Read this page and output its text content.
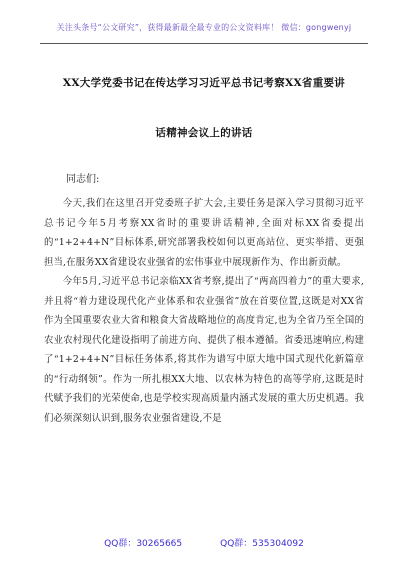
关注头条号“公文研究”，获得最新最全最专业的公文资料库！ 微信：gongwenyj
XX大学党委书记在传达学习习近平总书记考察XX省重要讲
话精神会议上的讲话
同志们:

今天,我们在这里召开党委班子扩大会,主要任务是深入学习贯彻习近平总书记今年5月考察XX省时的重要讲话精神,全面对标XX省委提出的“1+2+4+N”目标体系,研究部署我校如何以更高站位、更实举措、更强担当,在服务XX省建设农业强省的宏伟事业中展现新作为、作出新贡献。

今年5月,习近平总书记亲临XX省考察,提出了“两高四着力”的重大要求,并且将“着力建设现代化产业体系和农业强省”放在首要位置,这既是对XX省作为全国重要农业大省和粮食大省战略地位的高度肯定,也为全省乃至全国的农业农村现代化建设指明了前进方向、提供了根本遵循。省委迅速响应,构建了“1+2+4+N”目标任务体系,将其作为谱写中原大地中国式现代化新篇章的“行动纲领”。作为一所扎根XX大地、以农林为特色的高等学府,这既是时代赋予我们的光荣使命,也是学校实现高质量内涵式发展的重大历史机遇。我们必须深刻认识到,服务农业强省建设,不是

QQ群：30265665	QQ群：535304092
